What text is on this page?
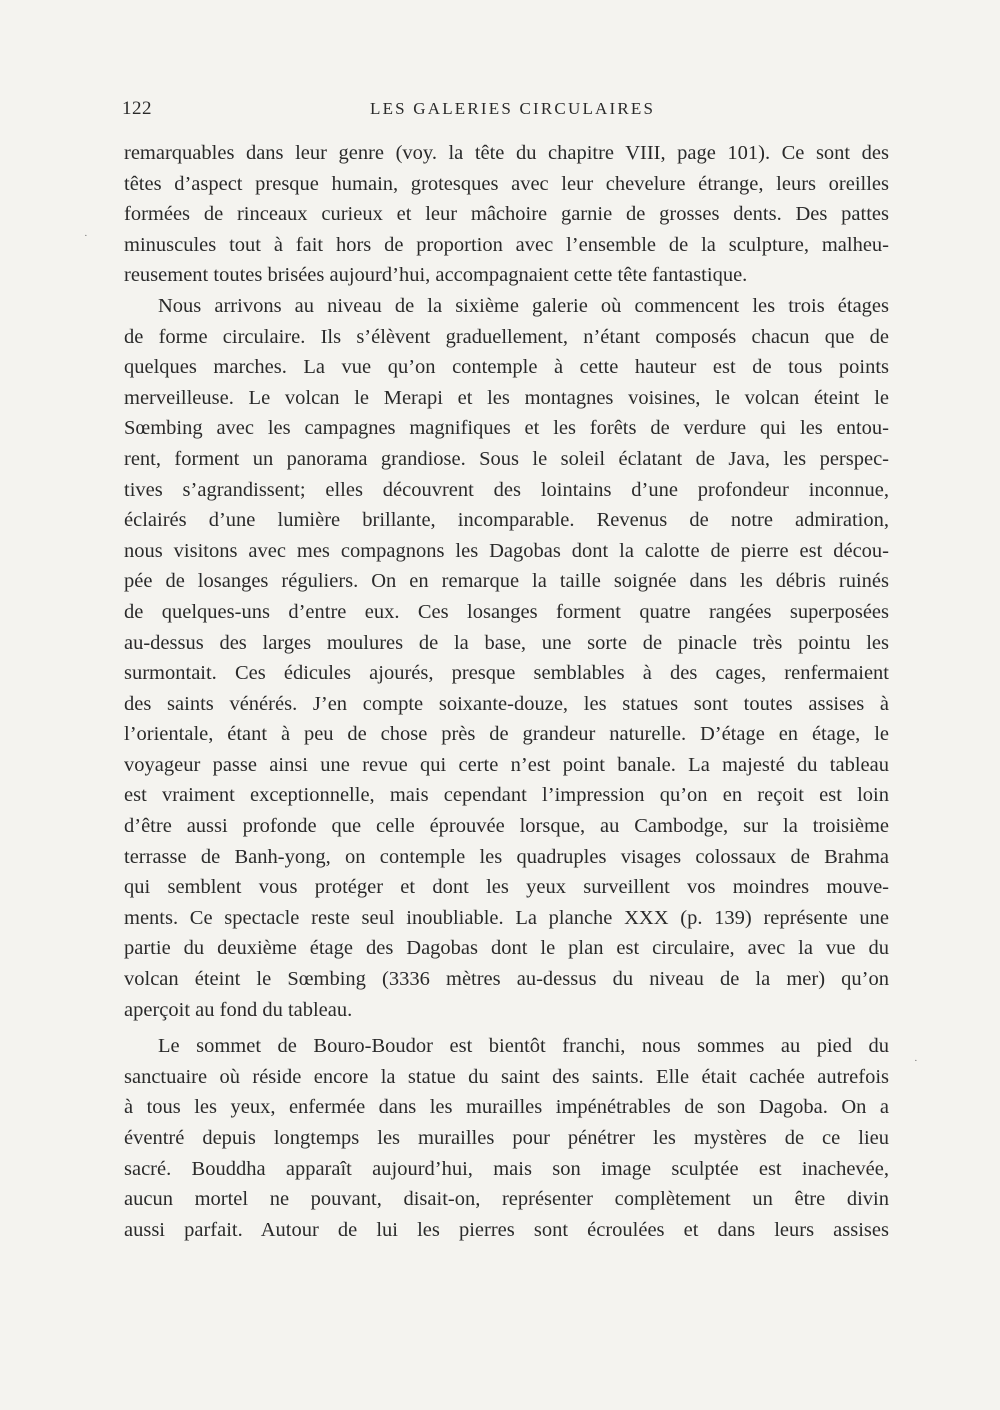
122	LES GALERIES CIRCULAIRES
remarquables dans leur genre (voy. la tête du chapitre VIII, page 101). Ce sont des
têtes d’aspect presque humain, grotesques avec leur chevelure étrange, leurs oreilles
formées de rinceaux curieux et leur mâchoire garnie de grosses dents. Des pattes
minuscules tout à fait hors de proportion avec l’ensemble de la sculpture, malheu-
reusement toutes brisées aujourd’hui, accompagnaient cette tête fantastique.
Nous arrivons au niveau de la sixième galerie où commencent les trois étages
de forme circulaire. Ils s’élèvent graduellement, n’étant composés chacun que de
quelques marches. La vue qu’on contemple à cette hauteur est de tous points
merveilleuse. Le volcan le Merapi et les montagnes voisines, le volcan éteint le
Sœmbing avec les campagnes magnifiques et les forêts de verdure qui les entou-
rent, forment un panorama grandiose. Sous le soleil éclatant de Java, les perspec-
tives s’agrandissent; elles découvrent des lointains d’une profondeur inconnue,
éclairés d’une lumière brillante, incomparable. Revenus de notre admiration,
nous visitons avec mes compagnons les Dagobas dont la calotte de pierre est décou-
pée de losanges réguliers. On en remarque la taille soignée dans les débris ruinés
de quelques-uns d’entre eux. Ces losanges forment quatre rangées superposées
au-dessus des larges moulures de la base, une sorte de pinacle très pointu les
surmontait. Ces édicules ajourés, presque semblables à des cages, renfermaient
des saints vénérés. J’en compte soixante-douze, les statues sont toutes assises à
l’orientale, étant à peu de chose près de grandeur naturelle. D’étage en étage, le
voyageur passe ainsi une revue qui certe n’est point banale. La majesté du tableau
est vraiment exceptionnelle, mais cependant l’impression qu’on en reçoit est loin
d’être aussi profonde que celle éprouvée lorsque, au Cambodge, sur la troisième
terrasse de Banh-yong, on contemple les quadruples visages colossaux de Brahma
qui semblent vous protéger et dont les yeux surveillent vos moindres mouve-
ments. Ce spectacle reste seul inoubliable. La planche XXX (p. 139) représente une
partie du deuxième étage des Dagobas dont le plan est circulaire, avec la vue du
volcan éteint le Sœmbing (3336 mètres au-dessus du niveau de la mer) qu’on
aperçoit au fond du tableau.
Le sommet de Bouro-Boudor est bientôt franchi, nous sommes au pied du
sanctuaire où réside encore la statue du saint des saints. Elle était cachée autrefois
à tous les yeux, enfermée dans les murailles impénétrables de son Dagoba. On a
éventré depuis longtemps les murailles pour pénétrer les mystères de ce lieu
sacré. Bouddha apparaît aujourd’hui, mais son image sculptée est inachevée,
aucun mortel ne pouvant, disait-on, représenter complètement un être divin
aussi parfait. Autour de lui les pierres sont écroulées et dans leurs assises
·
·
